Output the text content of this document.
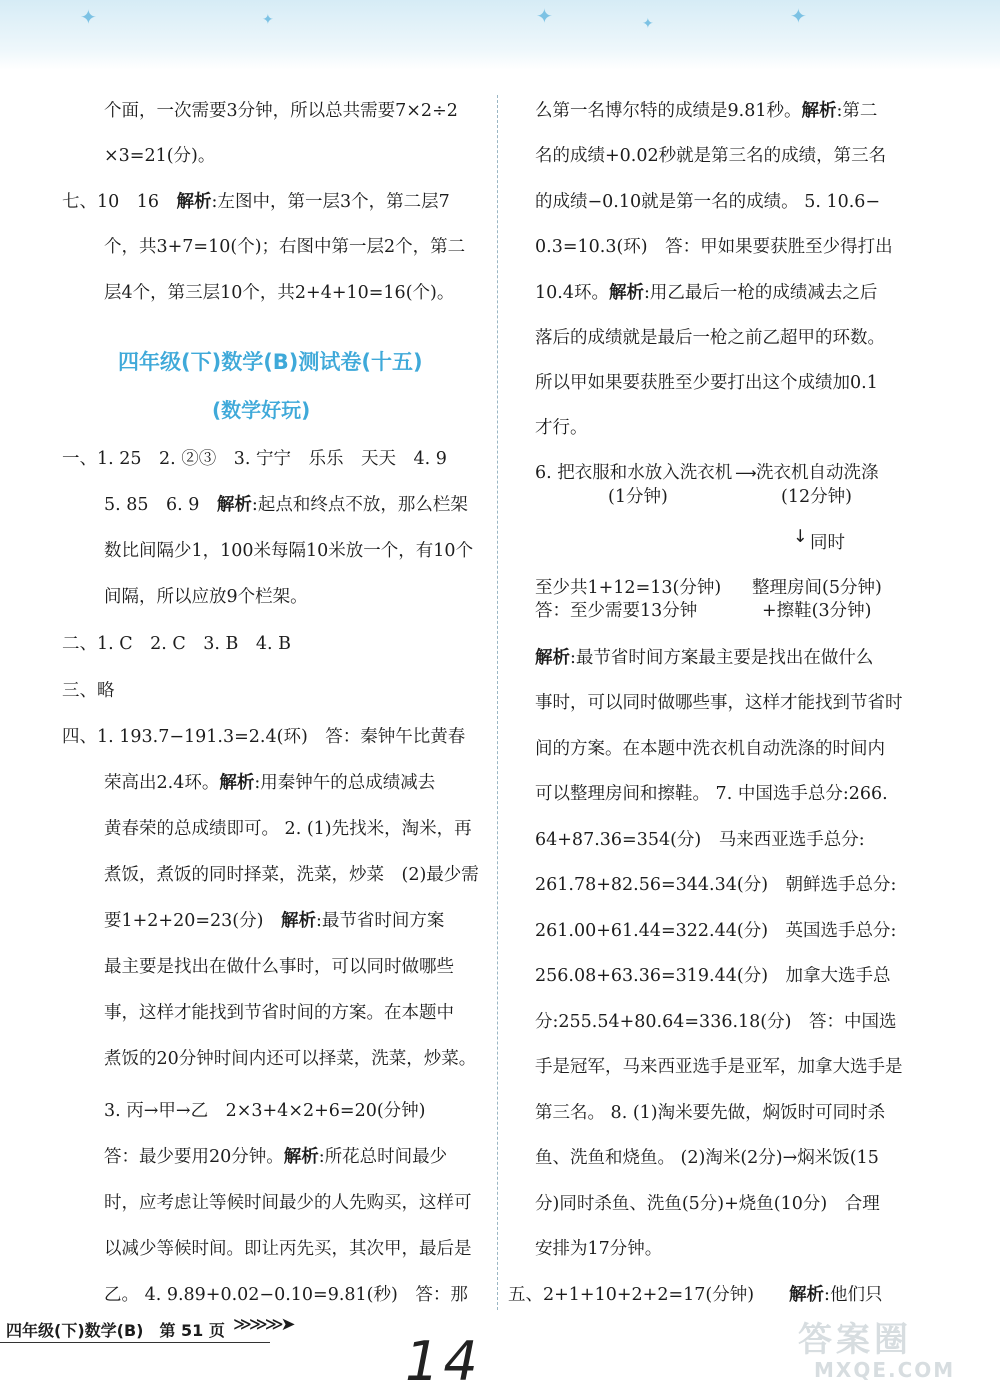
✦	✦	✦	✦	✦
个面，一次需要3分钟，所以总共需要7×2÷2
×3=21(分)。
七、10　16　解析:左图中，第一层3个，第二层7
个，共3+7=10(个)；右图中第一层2个，第二
层4个，第三层10个，共2+4+10=16(个)。
四年级(下)数学(B)测试卷(十五)
(数学好玩)
一、1. 25　2. ②③　3. 宁宁　乐乐　天天　4. 9
5. 85　6. 9　解析:起点和终点不放，那么栏架
数比间隔少1，100米每隔10米放一个，有10个
间隔，所以应放9个栏架。
二、1. C　2. C　3. B　4. B
三、略
四、1. 193.7−191.3=2.4(环)　答：秦钟午比黄春
荣高出2.4环。解析:用秦钟午的总成绩减去
黄春荣的总成绩即可。 2. (1)先找米，淘米，再
煮饭，煮饭的同时择菜，洗菜，炒菜　(2)最少需
要1+2+20=23(分)　解析:最节省时间方案
最主要是找出在做什么事时，可以同时做哪些
事，这样才能找到节省时间的方案。在本题中
煮饭的20分钟时间内还可以择菜，洗菜，炒菜。
3. 丙→甲→乙　2×3+4×2+6=20(分钟)
答：最少要用20分钟。解析:所花总时间最少
时，应考虑让等候时间最少的人先购买，这样可
以减少等候时间。即让丙先买，其次甲，最后是
乙。 4. 9.89+0.02−0.10=9.81(秒)　答：那
么第一名博尔特的成绩是9.81秒。解析:第二
名的成绩+0.02秒就是第三名的成绩，第三名
的成绩−0.10就是第一名的成绩。 5. 10.6−
0.3=10.3(环)　答：甲如果要获胜至少得打出
10.4环。解析:用乙最后一枪的成绩减去之后
落后的成绩就是最后一枪之前乙超甲的环数。
所以甲如果要获胜至少要打出这个成绩加0.1
才行。
6. 把衣服和水放入洗衣机
(1分钟)
⟶ 洗衣机自动洗涤
(12分钟)
↓ 同时
至少共1+12=13(分钟)
答：至少需要13分钟
整理房间(5分钟)
+擦鞋(3分钟)
解析:最节省时间方案最主要是找出在做什么
事时，可以同时做哪些事，这样才能找到节省时
间的方案。在本题中洗衣机自动洗涤的时间内
可以整理房间和擦鞋。 7. 中国选手总分:266.
64+87.36=354(分)　马来西亚选手总分:
261.78+82.56=344.34(分)　朝鲜选手总分:
261.00+61.44=322.44(分)　英国选手总分:
256.08+63.36=319.44(分)　加拿大选手总
分:255.54+80.64=336.18(分)　答：中国选
手是冠军，马来西亚选手是亚军，加拿大选手是
第三名。 8. (1)淘米要先做，焖饭时可同时杀
鱼、洗鱼和烧鱼。 (2)淘米(2分)→焖米饭(15
分)同时杀鱼、洗鱼(5分)+烧鱼(10分)　合理
安排为17分钟。
五、2+1+10+2+2=17(分钟)　　解析:他们只
四年级(下)数学(B)　第 51 页 ≫≫≫➤
14	答案圈
MXQE.COM
